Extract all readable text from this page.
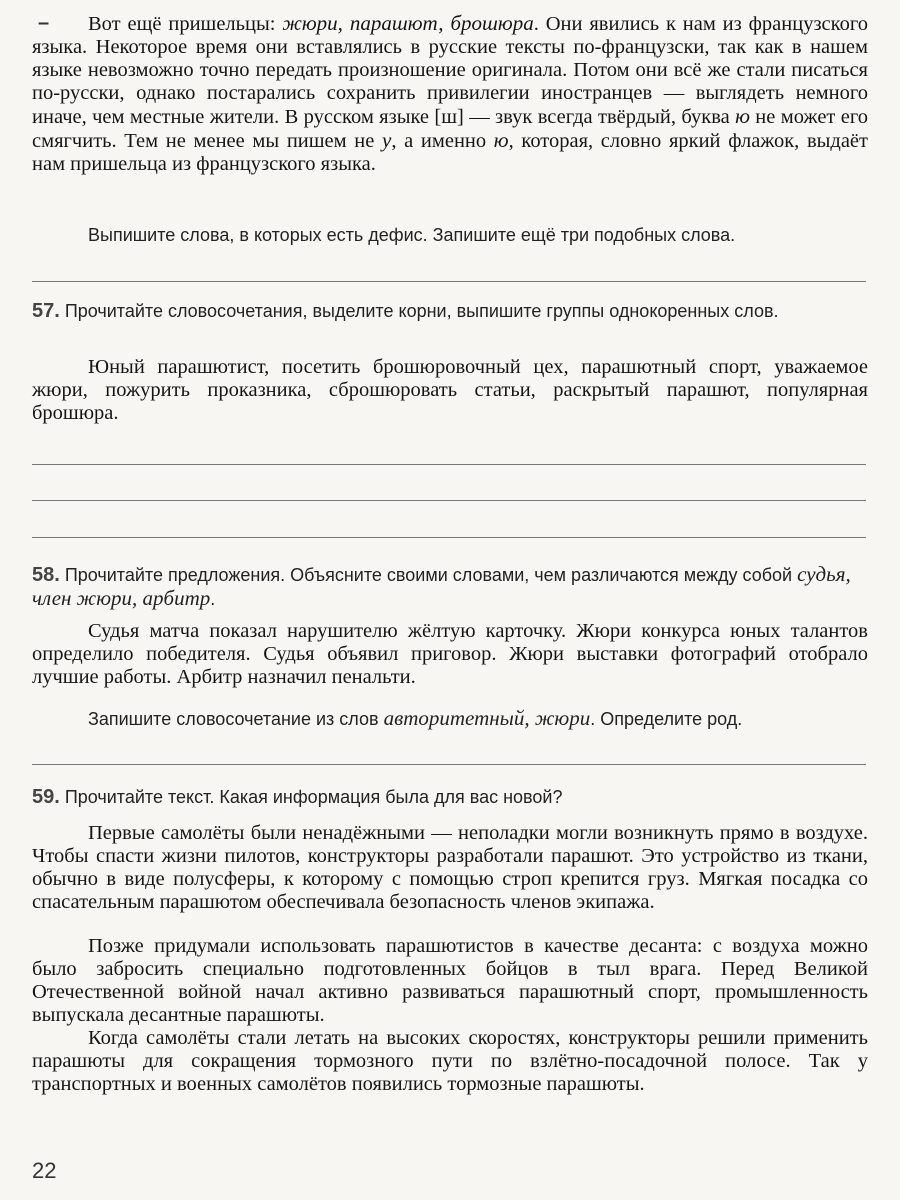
–	Вот ещё пришельцы: жюри, парашют, брошюра. Они явились к нам из французского языка. Некоторое время они вставлялись в русские тексты по-французски, так как в нашем языке невозможно точно передать произношение оригинала. Потом они всё же стали писаться по-русски, однако постарались сохранить привилегии иностранцев — выглядеть немного иначе, чем местные жители. В русском языке [ш] — звук всегда твёрдый, буква ю не может его смягчить. Тем не менее мы пишем не у, а именно ю, которая, словно яркий флажок, выдаёт нам пришельца из французского языка.

Выпишите слова, в которых есть дефис. Запишите ещё три подобных слова.

57. Прочитайте словосочетания, выделите корни, выпишите группы однокоренных слов.

Юный парашютист, посетить брошюровочный цех, парашютный спорт, уважаемое жюри, пожурить проказника, сброшюровать статьи, раскрытый парашют, популярная брошюра.

58. Прочитайте предложения. Объясните своими словами, чем различаются между собой судья, член жюри, арбитр.

Судья матча показал нарушителю жёлтую карточку. Жюри конкурса юных талантов определило победителя. Судья объявил приговор. Жюри выставки фотографий отобрало лучшие работы. Арбитр назначил пенальти.

Запишите словосочетание из слов авторитетный, жюри. Определите род.

59. Прочитайте текст. Какая информация была для вас новой?

Первые самолёты были ненадёжными — неполадки могли возникнуть прямо в воздухе. Чтобы спасти жизни пилотов, конструкторы разработали парашют. Это устройство из ткани, обычно в виде полусферы, к которому с помощью строп крепится груз. Мягкая посадка со спасательным парашютом обеспечивала безопасность членов экипажа.

Позже придумали использовать парашютистов в качестве десанта: с воздуха можно было забросить специально подготовленных бойцов в тыл врага. Перед Великой Отечественной войной начал активно развиваться парашютный спорт, промышленность выпускала десантные парашюты.

Когда самолёты стали летать на высоких скоростях, конструкторы решили применить парашюты для сокращения тормозного пути по взлётно-посадочной полосе. Так у транспортных и военных самолётов появились тормозные парашюты.

22
